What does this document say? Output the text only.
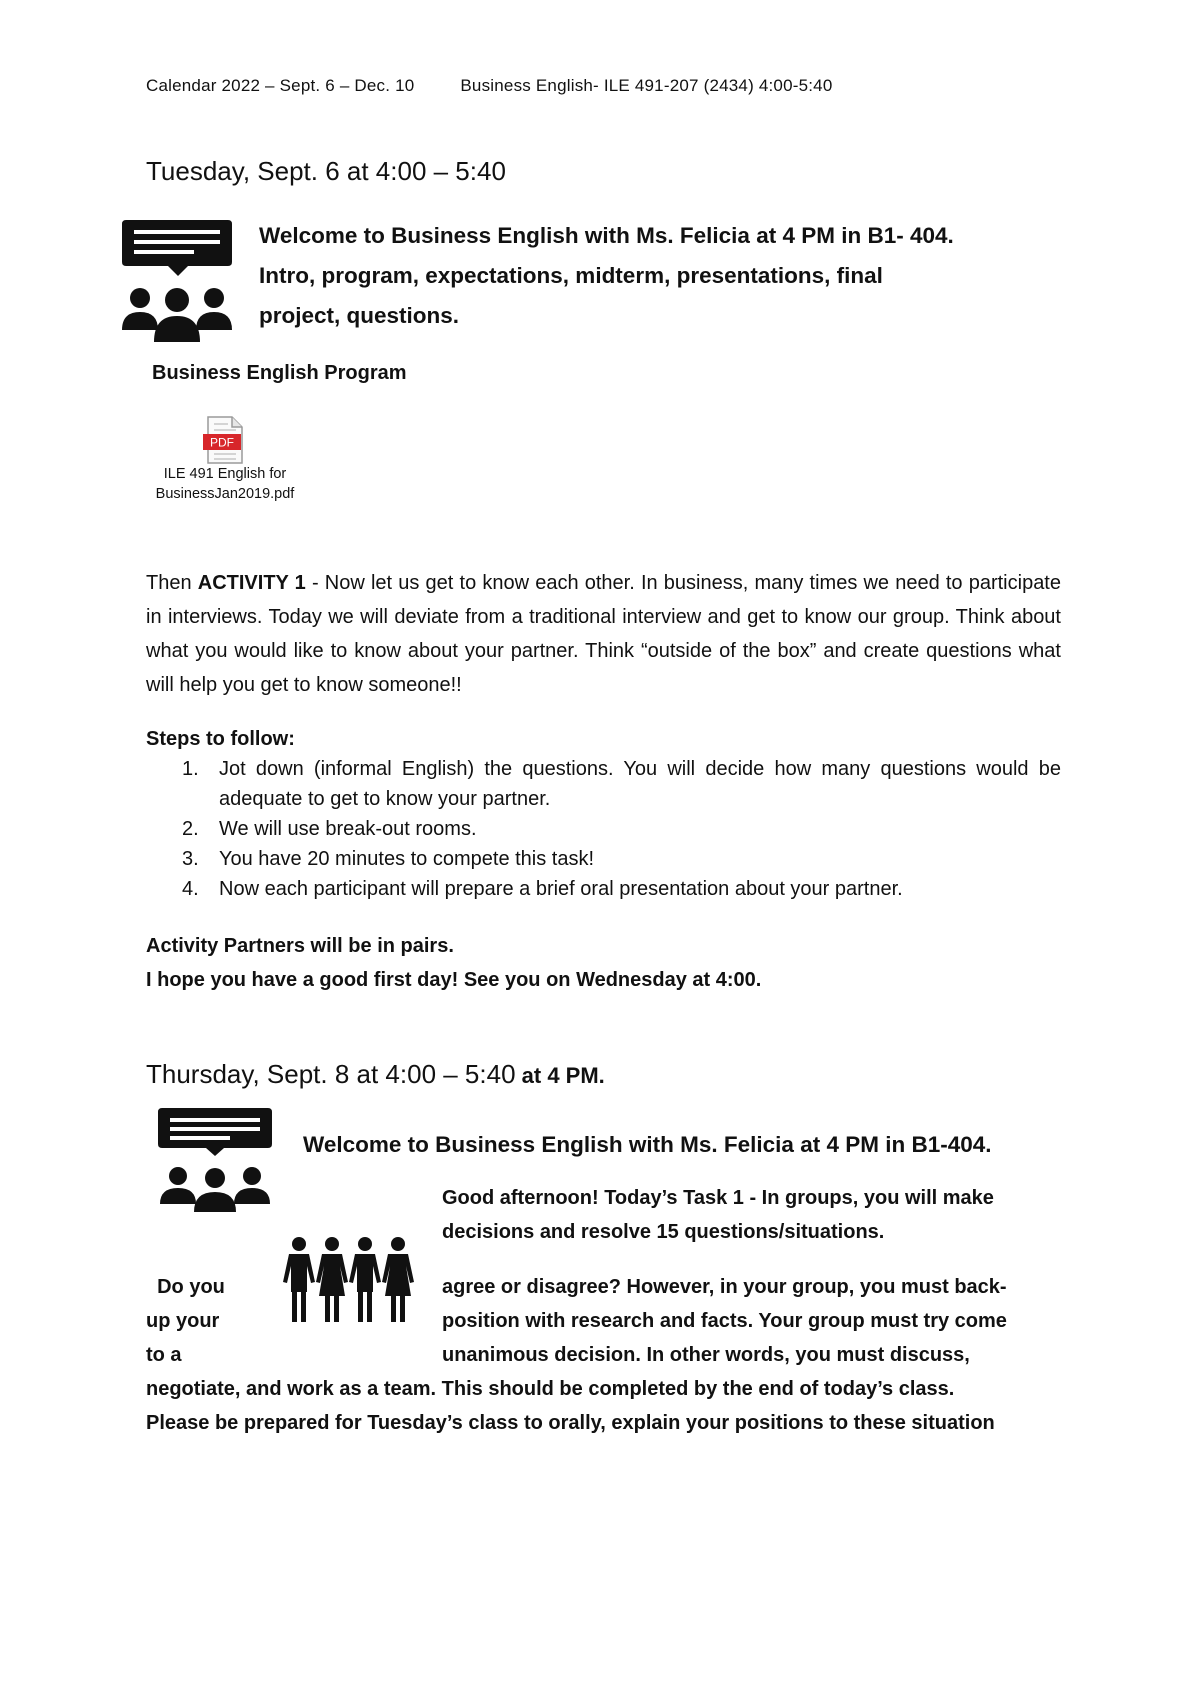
Calendar 2022 – Sept. 6 – Dec. 10	Business English- ILE 491-207 (2434) 4:00-5:40
Tuesday, Sept. 6 at 4:00 – 5:40
Welcome to Business English with Ms. Felicia at 4 PM in B1- 404.
Intro, program, expectations, midterm, presentations, final
project, questions.
Business English Program
PDF
ILE 491 English for
BusinessJan2019.pdf
Then ACTIVITY 1 - Now let us get to know each other. In business, many times we need to participate in interviews. Today we will deviate from a traditional interview and get to know our group. Think about what you would like to know about your partner. Think “outside of the box” and create questions what will help you get to know someone!!
Steps to follow:
1. Jot down (informal English) the questions. You will decide how many questions would be adequate to get to know your partner.
2. We will use break-out rooms.
3. You have 20 minutes to compete this task!
4. Now each participant will prepare a brief oral presentation about your partner.
Activity Partners will be in pairs.
I hope you have a good first day! See you on Wednesday at 4:00.
Thursday, Sept. 8 at 4:00 – 5:40 at 4 PM.
Welcome to Business English with Ms. Felicia at 4 PM in B1-404.
Good afternoon! Today’s Task 1 - In groups, you will make
decisions and resolve 15 questions/situations.
Do you	agree or disagree? However, in your group, you must back-
up your	position with research and facts. Your group must try come
to a	unanimous decision. In other words, you must discuss,
negotiate, and work as a team. This should be completed by the end of today’s class.
Please be prepared for Tuesday’s class to orally, explain your positions to these situation
